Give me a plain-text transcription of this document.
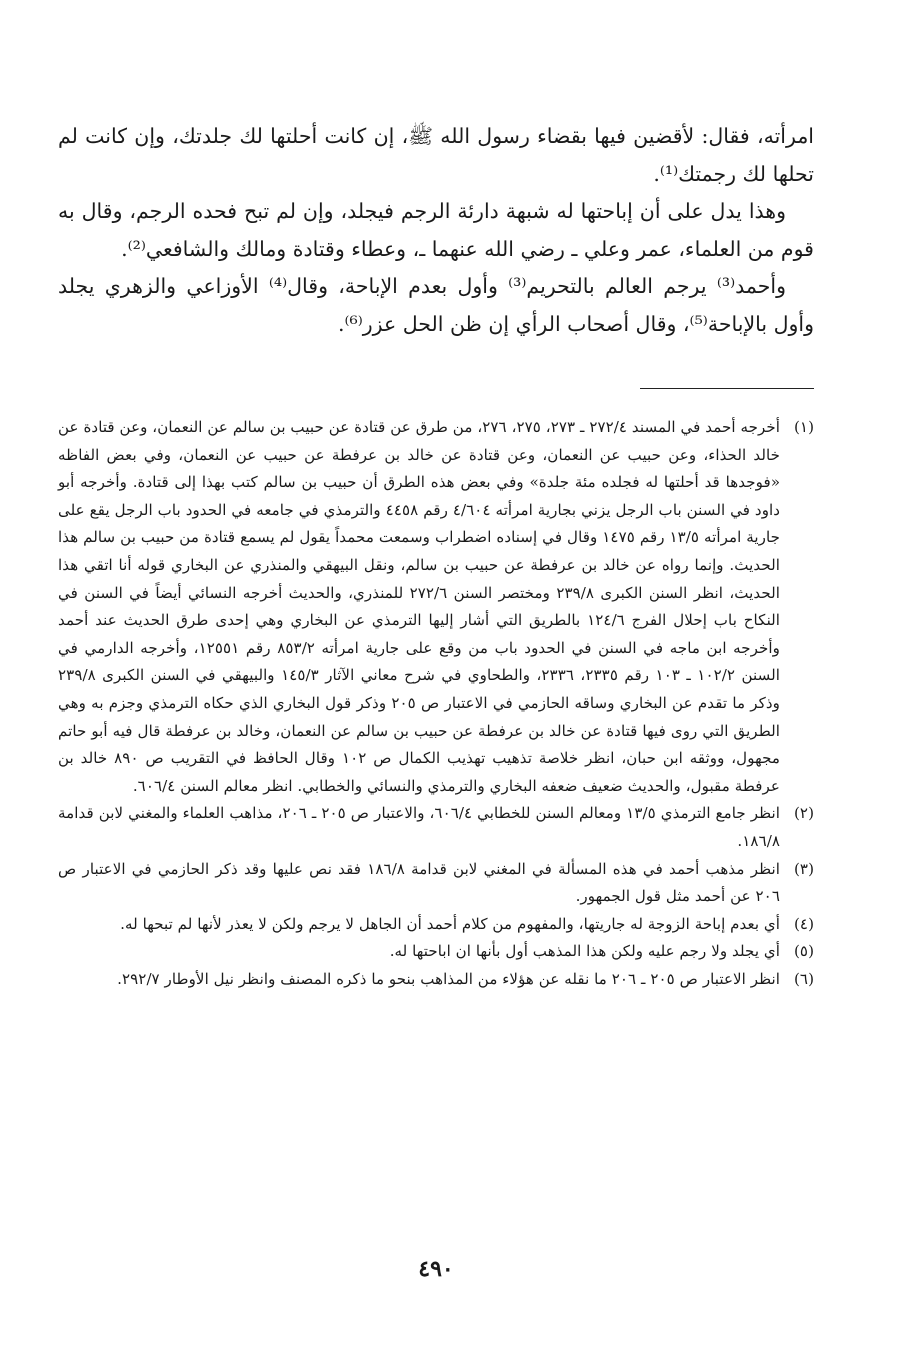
امرأته، فقال: لأقضين فيها بقضاء رسول الله ﷺ، إن كانت أحلتها لك جلدتك، وإن كانت لم تحلها لك رجمتك⁽¹⁾.

وهذا يدل على أن إباحتها له شبهة دارئة الرجم فيجلد، وإن لم تبح فحده الرجم، وقال به قوم من العلماء، عمر وعلي ـ رضي الله عنهما ـ، وعطاء وقتادة ومالك والشافعي⁽²⁾.

وأحمد⁽³⁾ يرجم العالم بالتحريم⁽³⁾ وأول بعدم الإباحة، وقال⁽⁴⁾ الأوزاعي والزهري يجلد وأول بالإباحة⁽⁵⁾، وقال أصحاب الرأي إن ظن الحل عزر⁽⁶⁾.

(١)
أخرجه أحمد في المسند ٢٧٢/٤ ـ ٢٧٣، ٢٧٥، ٢٧٦، من طرق عن قتادة عن حبيب بن سالم عن النعمان، وعن قتادة عن خالد الحذاء، وعن حبيب عن النعمان، وعن قتادة عن خالد بن عرفطة عن حبيب عن النعمان، وفي بعض الفاظه «فوجدها قد أحلتها له فجلده مئة جلدة» وفي بعض هذه الطرق أن حبيب بن سالم كتب بهذا إلى قتادة. وأخرجه أبو داود في السنن باب الرجل يزني بجارية امرأته ٤/٦٠٤ رقم ٤٤٥٨ والترمذي في جامعه في الحدود باب الرجل يقع على جارية امرأته ١٣/٥ رقم ١٤٧٥ وقال في إسناده اضطراب وسمعت محمداً يقول لم يسمع قتادة من حبيب بن سالم هذا الحديث. وإنما رواه عن خالد بن عرفطة عن حبيب بن سالم، ونقل البيهقي والمنذري عن البخاري قوله أنا اتقي هذا الحديث، انظر السنن الكبرى ٢٣٩/٨ ومختصر السنن ٢٧٢/٦ للمنذري، والحديث أخرجه النسائي أيضاً في السنن في النكاح باب إحلال الفرج ١٢٤/٦ بالطريق التي أشار إليها الترمذي عن البخاري وهي إحدى طرق الحديث عند أحمد وأخرجه ابن ماجه في السنن في الحدود باب من وقع على جارية امرأته ٨٥٣/٢ رقم ١٢٥٥١، وأخرجه الدارمي في السنن ١٠٢/٢ ـ ١٠٣ رقم ٢٣٣٥، ٢٣٣٦، والطحاوي في شرح معاني الآثار ١٤٥/٣ والبيهقي في السنن الكبرى ٢٣٩/٨ وذكر ما تقدم عن البخاري وساقه الحازمي في الاعتبار ص ٢٠٥ وذكر قول البخاري الذي حكاه الترمذي وجزم به وهي الطريق التي روى فيها قتادة عن خالد بن عرفطة عن حبيب بن سالم عن النعمان، وخالد بن عرفطة قال فيه أبو حاتم مجهول، ووثقه ابن حبان، انظر خلاصة تذهيب تهذيب الكمال ص ١٠٢ وقال الحافظ في التقريب ص ٨٩٠ خالد بن عرفطة مقبول، والحديث ضعيف ضعفه البخاري والترمذي والنسائي والخطابي. انظر معالم السنن ٦٠٦/٤.
(٢)
انظر جامع الترمذي ١٣/٥ ومعالم السنن للخطابي ٦٠٦/٤، والاعتبار ص ٢٠٥ ـ ٢٠٦، مذاهب العلماء والمغني لابن قدامة ١٨٦/٨.
(٣)
انظر مذهب أحمد في هذه المسألة في المغني لابن قدامة ١٨٦/٨ فقد نص عليها وقد ذكر الحازمي في الاعتبار ص ٢٠٦ عن أحمد مثل قول الجمهور.
(٤)
أي بعدم إباحة الزوجة له جاريتها، والمفهوم من كلام أحمد أن الجاهل لا يرجم ولكن لا يعذر لأنها لم تبحها له.
(٥)
أي يجلد ولا رجم عليه ولكن هذا المذهب أول بأنها ان اباحتها له.
(٦)
انظر الاعتبار ص ٢٠٥ ـ ٢٠٦ ما نقله عن هؤلاء من المذاهب بنحو ما ذكره المصنف وانظر نيل الأوطار ٢٩٢/٧.
٤٩٠
